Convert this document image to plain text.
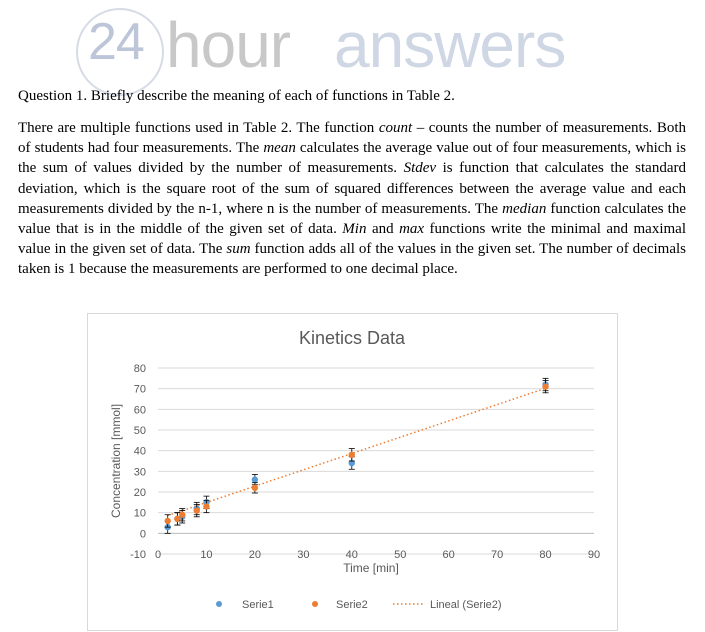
24 hour answers
Question 1. Briefly describe the meaning of each of functions in Table 2.
There are multiple functions used in Table 2. The function count – counts the number of measurements. Both of students had four measurements. The mean calculates the average value out of four measurements, which is the sum of values divided by the number of measurements. Stdev is function that calculates the standard deviation, which is the square root of the sum of squared differences between the average value and each measurements divided by the n-1, where n is the number of measurements. The median function calculates the value that is in the middle of the given set of data. Min and max functions write the minimal and maximal value in the given set of data. The sum function adds all of the values in the given set. The number of decimals taken is 1 because the measurements are performed to one decimal place.
Kinetics Data
-10
0
10
20
30
40
50
60
70
80
0	10	20	30	40	50	60	70	80	90
Time [min]
Concentration [mmol]
Serie1	Serie2	Lineal (Serie2)
